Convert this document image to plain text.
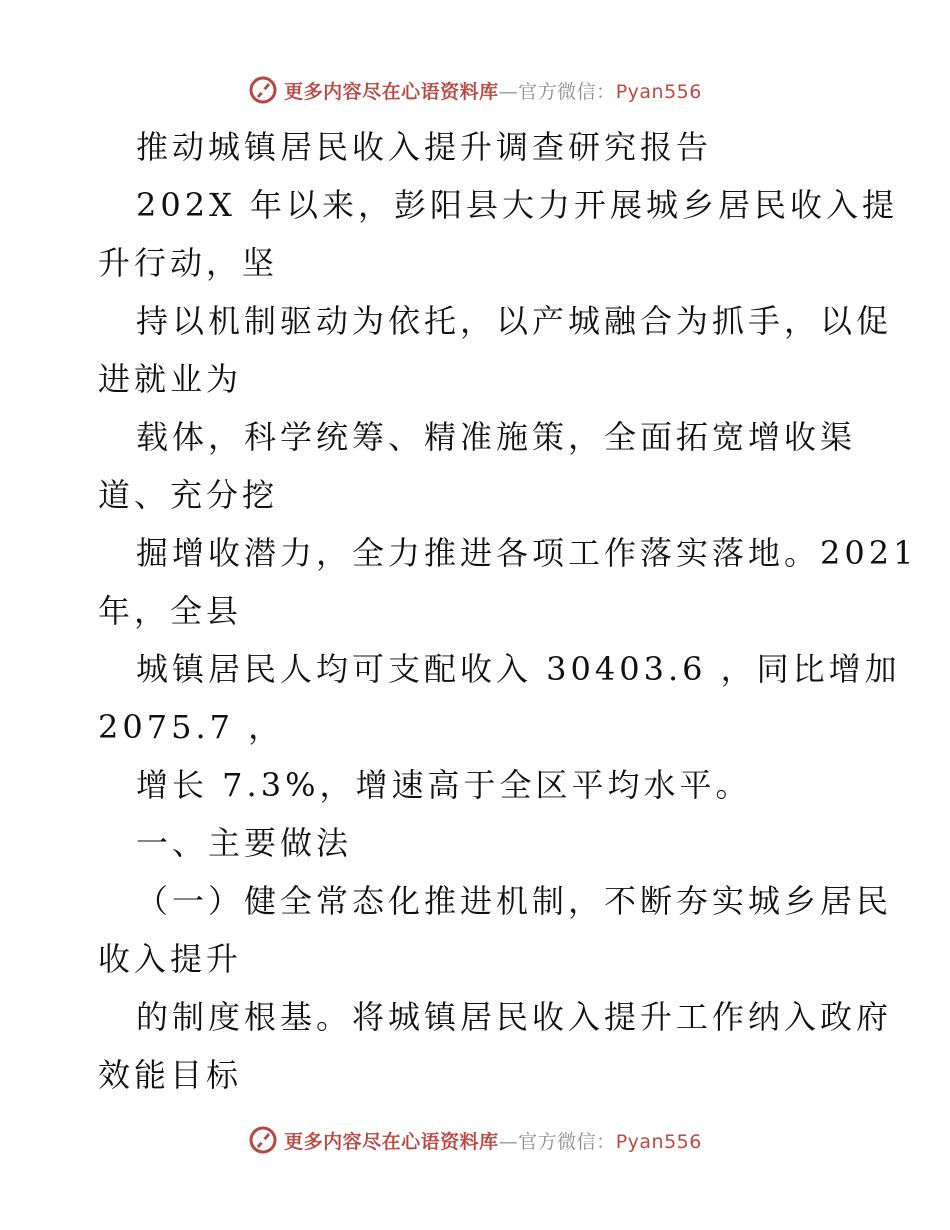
更多内容尽在心语资料库—官方微信：Pyan556
推动城镇居民收入提升调查研究报告
202X 年以来，彭阳县大力开展城乡居民收入提
升行动，坚
持以机制驱动为依托，以产城融合为抓手，以促
进就业为
载体，科学统筹、精准施策，全面拓宽增收渠
道、充分挖
掘增收潜力，全力推进各项工作落实落地。2021
年，全县
城镇居民人均可支配收入 30403.6 ，同比增加
2075.7 ，
增长 7.3%，增速高于全区平均水平。
一、主要做法
（一）健全常态化推进机制，不断夯实城乡居民
收入提升
的制度根基。将城镇居民收入提升工作纳入政府
效能目标
更多内容尽在心语资料库—官方微信：Pyan556
